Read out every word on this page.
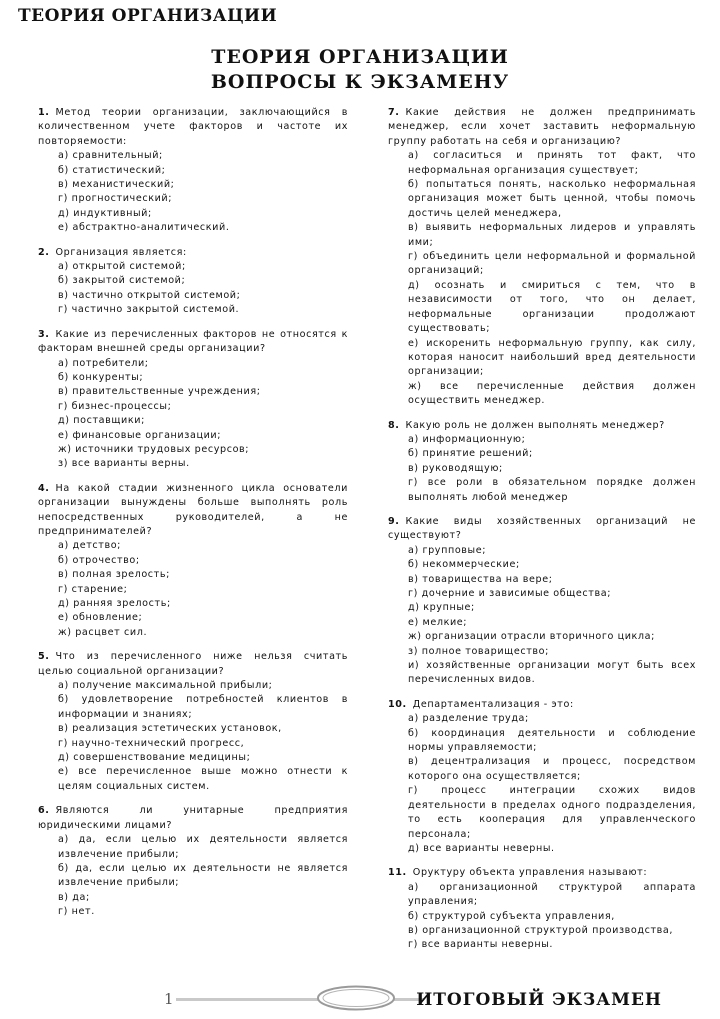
ТЕОРИЯ ОРГАНИЗАЦИИ
ТЕОРИЯ ОРГАНИЗАЦИИ
ВОПРОСЫ К ЭКЗАМЕНУ
1. Метод теории организации, заключающийся в количественном учете факторов и частоте их повторяемости:
а) сравнительный;
б) статистический;
в) механистический;
г) прогностический;
д) индуктивный;
е) абстрактно-аналитический.
2. Организация является:
а) открытой системой;
б) закрытой системой;
в) частично открытой системой;
г) частично закрытой системой.
3. Какие из перечисленных факторов не относятся к факторам внешней среды организации?
а) потребители;
б) конкуренты;
в) правительственные учреждения;
г) бизнес-процессы;
д) поставщики;
е) финансовые организации;
ж) источники трудовых ресурсов;
з) все варианты верны.
4. На какой стадии жизненного цикла основатели организации вынуждены больше выполнять роль непосредственных руководителей, а не предпринимателей?
а) детство;
б) отрочество;
в) полная зрелость;
г) старение;
д) ранняя зрелость;
е) обновление;
ж) расцвет сил.
5. Что из перечисленного ниже нельзя считать целью социальной организации?
а) получение максимальной прибыли;
б) удовлетворение потребностей клиентов в информации и знаниях;
в) реализация эстетических установок,
г) научно-технический прогресс,
д) совершенствование медицины;
е) все перечисленное выше можно отнести к целям социальных систем.
6. Являются ли унитарные предприятия юридическими лицами?
а) да, если целью их деятельности является извлечение прибыли;
б) да, если целью их деятельности не является извлечение прибыли;
в) да;
г) нет.
7. Какие действия не должен предпринимать менеджер, если хочет заставить неформальную группу работать на себя и организацию?
а) согласиться и принять тот факт, что неформальная организация существует;
б) попытаться понять, насколько неформальная организация может быть ценной, чтобы помочь достичь целей менеджера,
в) выявить неформальных лидеров и управлять ими;
г) объединить цели неформальной и формальной организаций;
д) осознать и смириться с тем, что в независимости от того, что он делает, неформальные организации продолжают существовать;
е) искоренить неформальную группу, как силу, которая наносит наибольший вред деятельности организации;
ж) все перечисленные действия должен осуществить менеджер.
8. Какую роль не должен выполнять менеджер?
а) информационную;
б) принятие решений;
в) руководящую;
г) все роли в обязательном порядке должен выполнять любой менеджер
9. Какие виды хозяйственных организаций не существуют?
а) групповые;
б) некоммерческие;
в) товарищества на вере;
г) дочерние и зависимые общества;
д) крупные;
е) мелкие;
ж) организации отрасли вторичного цикла;
з) полное товарищество;
и) хозяйственные организации могут быть всех перечисленных видов.
10. Департаментализация - это:
а) разделение труда;
б) координация деятельности и соблюдение нормы управляемости;
в) децентрализация и процесс, посредством которого она осуществляется;
г) процесс интеграции схожих видов деятельности в пределах одного подразделения, то есть кооперация для управленческого персонала;
д) все варианты неверны.
11. Оруктуру объекта управления называют:
а) организационной структурой аппарата управления;
б) структурой субъекта управления,
в) организационной структурой производства,
г) все варианты неверны.
1	ИТОГОВЫЙ ЭКЗАМЕН
